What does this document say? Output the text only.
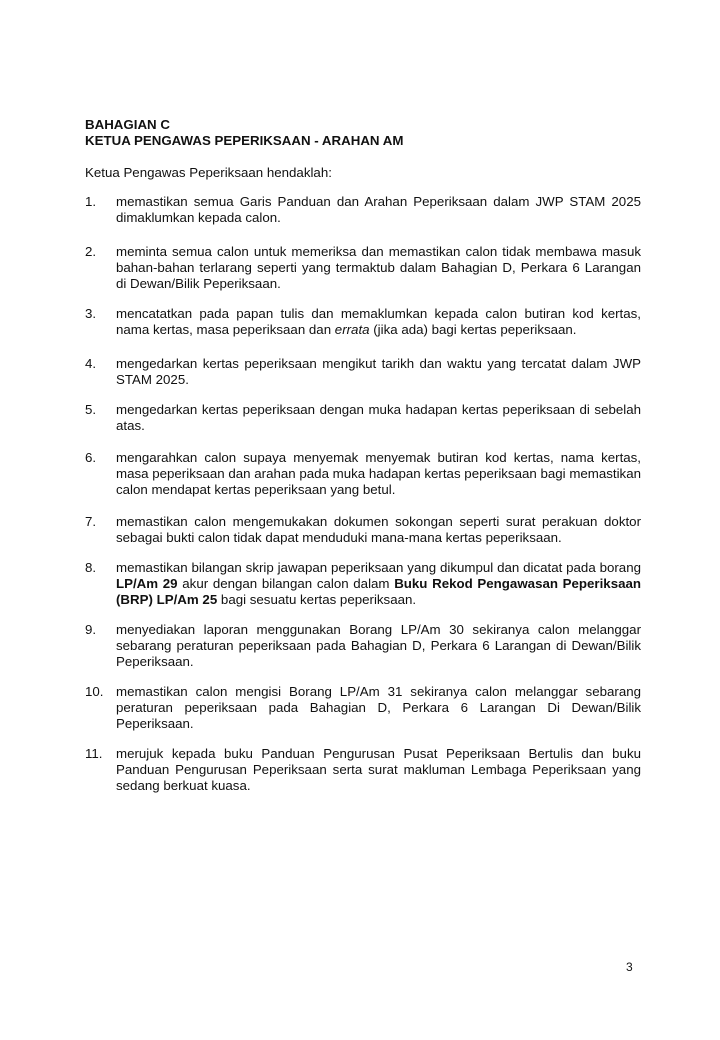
BAHAGIAN C
KETUA PENGAWAS PEPERIKSAAN - ARAHAN AM
Ketua Pengawas Peperiksaan hendaklah:
1.	memastikan semua Garis Panduan dan Arahan Peperiksaan dalam JWP STAM 2025 dimaklumkan kepada calon.
2.	meminta semua calon untuk memeriksa dan memastikan calon tidak membawa masuk bahan-bahan terlarang seperti yang termaktub dalam Bahagian D, Perkara 6 Larangan di Dewan/Bilik Peperiksaan.
3.	mencatatkan pada papan tulis dan memaklumkan kepada calon butiran kod kertas, nama kertas, masa peperiksaan dan errata (jika ada) bagi kertas peperiksaan.
4.	mengedarkan kertas peperiksaan mengikut tarikh dan waktu yang tercatat dalam JWP STAM 2025.
5.	mengedarkan kertas peperiksaan dengan muka hadapan kertas peperiksaan di sebelah atas.
6.	mengarahkan calon supaya menyemak menyemak butiran kod kertas, nama kertas, masa peperiksaan dan arahan pada muka hadapan kertas peperiksaan bagi memastikan calon mendapat kertas peperiksaan yang betul.
7.	memastikan calon mengemukakan dokumen sokongan seperti surat perakuan doktor sebagai bukti calon tidak dapat menduduki mana-mana kertas peperiksaan.
8.	memastikan bilangan skrip jawapan peperiksaan yang dikumpul dan dicatat pada borang LP/Am 29 akur dengan bilangan calon dalam Buku Rekod Pengawasan Peperiksaan (BRP) LP/Am 25 bagi sesuatu kertas peperiksaan.
9.	menyediakan laporan menggunakan Borang LP/Am 30 sekiranya calon melanggar sebarang peraturan peperiksaan pada Bahagian D, Perkara 6 Larangan di Dewan/Bilik Peperiksaan.
10. memastikan calon mengisi Borang LP/Am 31 sekiranya calon melanggar sebarang peraturan peperiksaan pada Bahagian D, Perkara 6 Larangan Di Dewan/Bilik Peperiksaan.
11.	merujuk kepada buku Panduan Pengurusan Pusat Peperiksaan Bertulis dan buku Panduan Pengurusan Peperiksaan serta surat makluman Lembaga Peperiksaan yang sedang berkuat kuasa.
3
